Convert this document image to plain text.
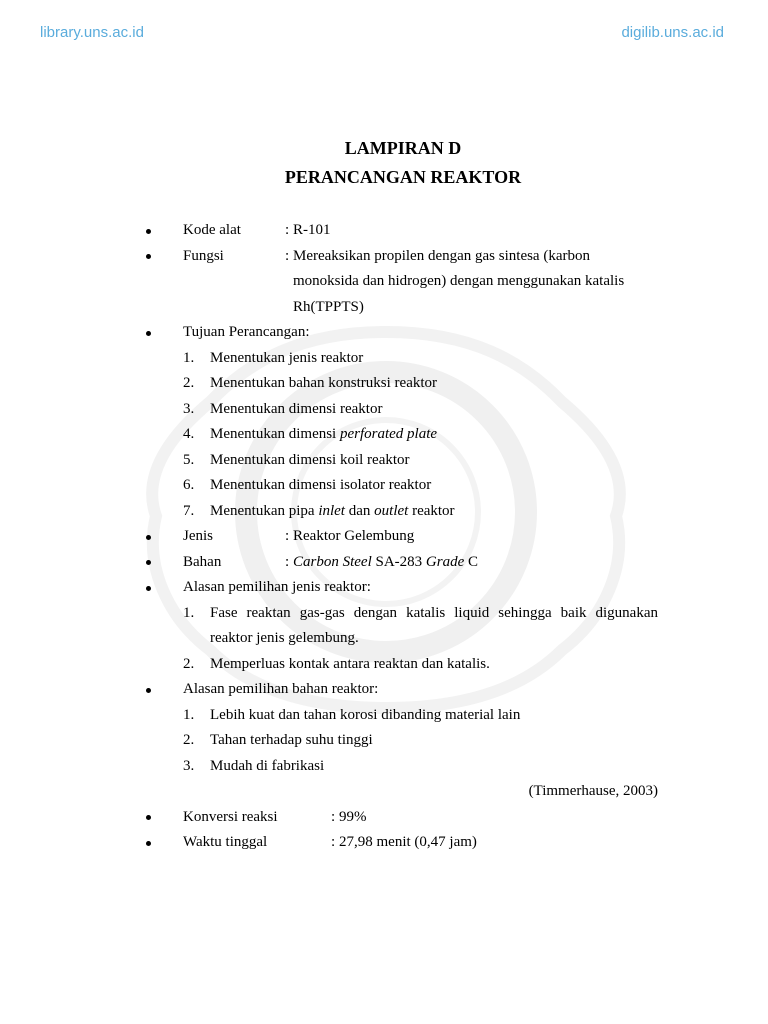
library.uns.ac.id	digilib.uns.ac.id
LAMPIRAN D
PERANCANGAN REAKTOR
Kode alat	: R-101
Fungsi	: Mereaksikan propilen dengan gas sintesa (karbon
monoksida dan hidrogen) dengan menggunakan katalis
Rh(TPPTS)
Tujuan Perancangan:
1. Menentukan jenis reaktor
2. Menentukan bahan konstruksi reaktor
3. Menentukan dimensi reaktor
4. Menentukan dimensi perforated plate
5. Menentukan dimensi koil reaktor
6. Menentukan dimensi isolator reaktor
7. Menentukan pipa inlet dan outlet reaktor
Jenis	: Reaktor Gelembung
Bahan	: Carbon Steel SA-283 Grade C
Alasan pemilihan jenis reaktor:
1. Fase reaktan gas-gas dengan katalis liquid sehingga baik digunakan
reaktor jenis gelembung.
2. Memperluas kontak antara reaktan dan katalis.
Alasan pemilihan bahan reaktor:
1. Lebih kuat dan tahan korosi dibanding material lain
2. Tahan terhadap suhu tinggi
3. Mudah di fabrikasi
(Timmerhause, 2003)
Konversi reaksi	: 99%
Waktu tinggal	: 27,98 menit (0,47 jam)
